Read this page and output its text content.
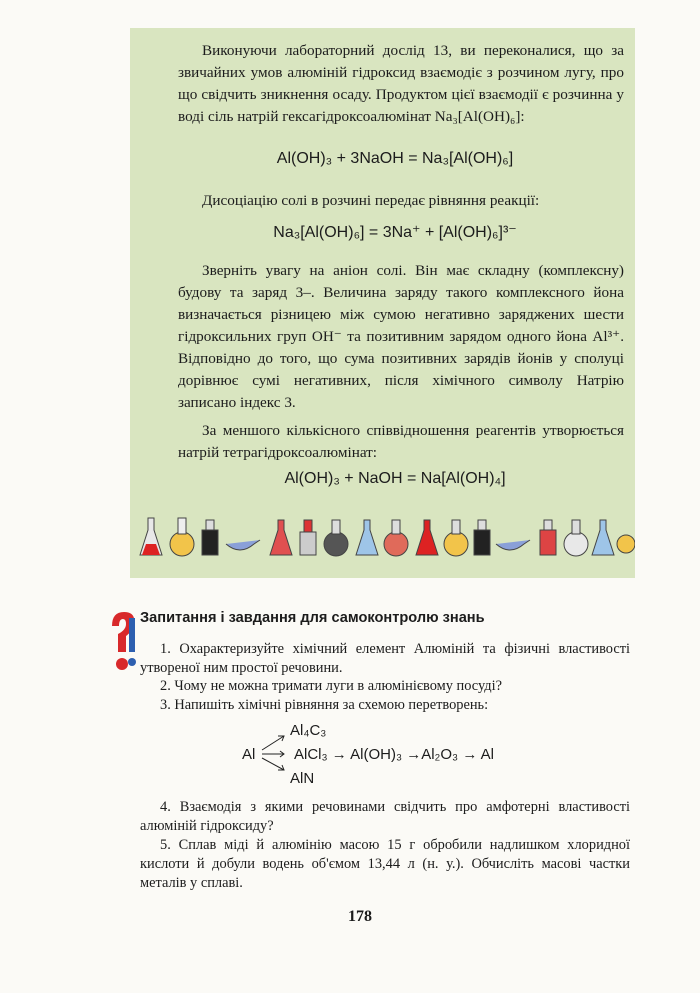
Виконуючи лабораторний дослід 13, ви переконалися, що за звичайних умов алюміній гідроксид взаємодіє з розчином лугу, про що свідчить зникнення осаду. Продуктом цієї взаємодії є розчинна у воді сіль натрій гексагідроксоалюмінат Na₃[Al(OH)₆]:

Al(OH)₃ + 3NaOH = Na₃[Al(OH)₆]

Дисоціацію солі в розчині передає рівняння реакції:

Na₃[Al(OH)₆] = 3Na⁺ + [Al(OH)₆]³⁻

Зверніть увагу на аніон солі. Він має складну (комплексну) будову та заряд 3–. Величина заряду такого комплексного йона визначається різницею між сумою негативно заряджених шести гідроксильних груп OH⁻ та позитивним зарядом одного йона Al³⁺. Відповідно до того, що сума позитивних зарядів йонів у сполуці дорівнює сумі негативних, після хімічного символу Натрію записано індекс 3.

За меншого кількісного співвідношення реагентів утворюється натрій тетрагідроксоалюмінат:

Al(OH)₃ + NaOH = Na[Al(OH)₄]
Запитання і завдання для самоконтролю знань
1. Охарактеризуйте хімічний елемент Алюміній та фізичні властивості утвореної ним простої речовини.
2. Чому не можна тримати луги в алюмінієвому посуді?
3. Напишіть хімічні рівняння за схемою перетворень:
Al
Al₄C₃
AlCl₃ → Al(OH)₃ →Al₂O₃ → Al
AlN
4. Взаємодія з якими речовинами свідчить про амфотерні властивості алюміній гідроксиду?
5. Сплав міді й алюмінію масою 15 г обробили надлишком хлоридної кислоти й добули водень об'ємом 13,44 л (н. у.). Обчисліть масові частки металів у сплаві.
178
